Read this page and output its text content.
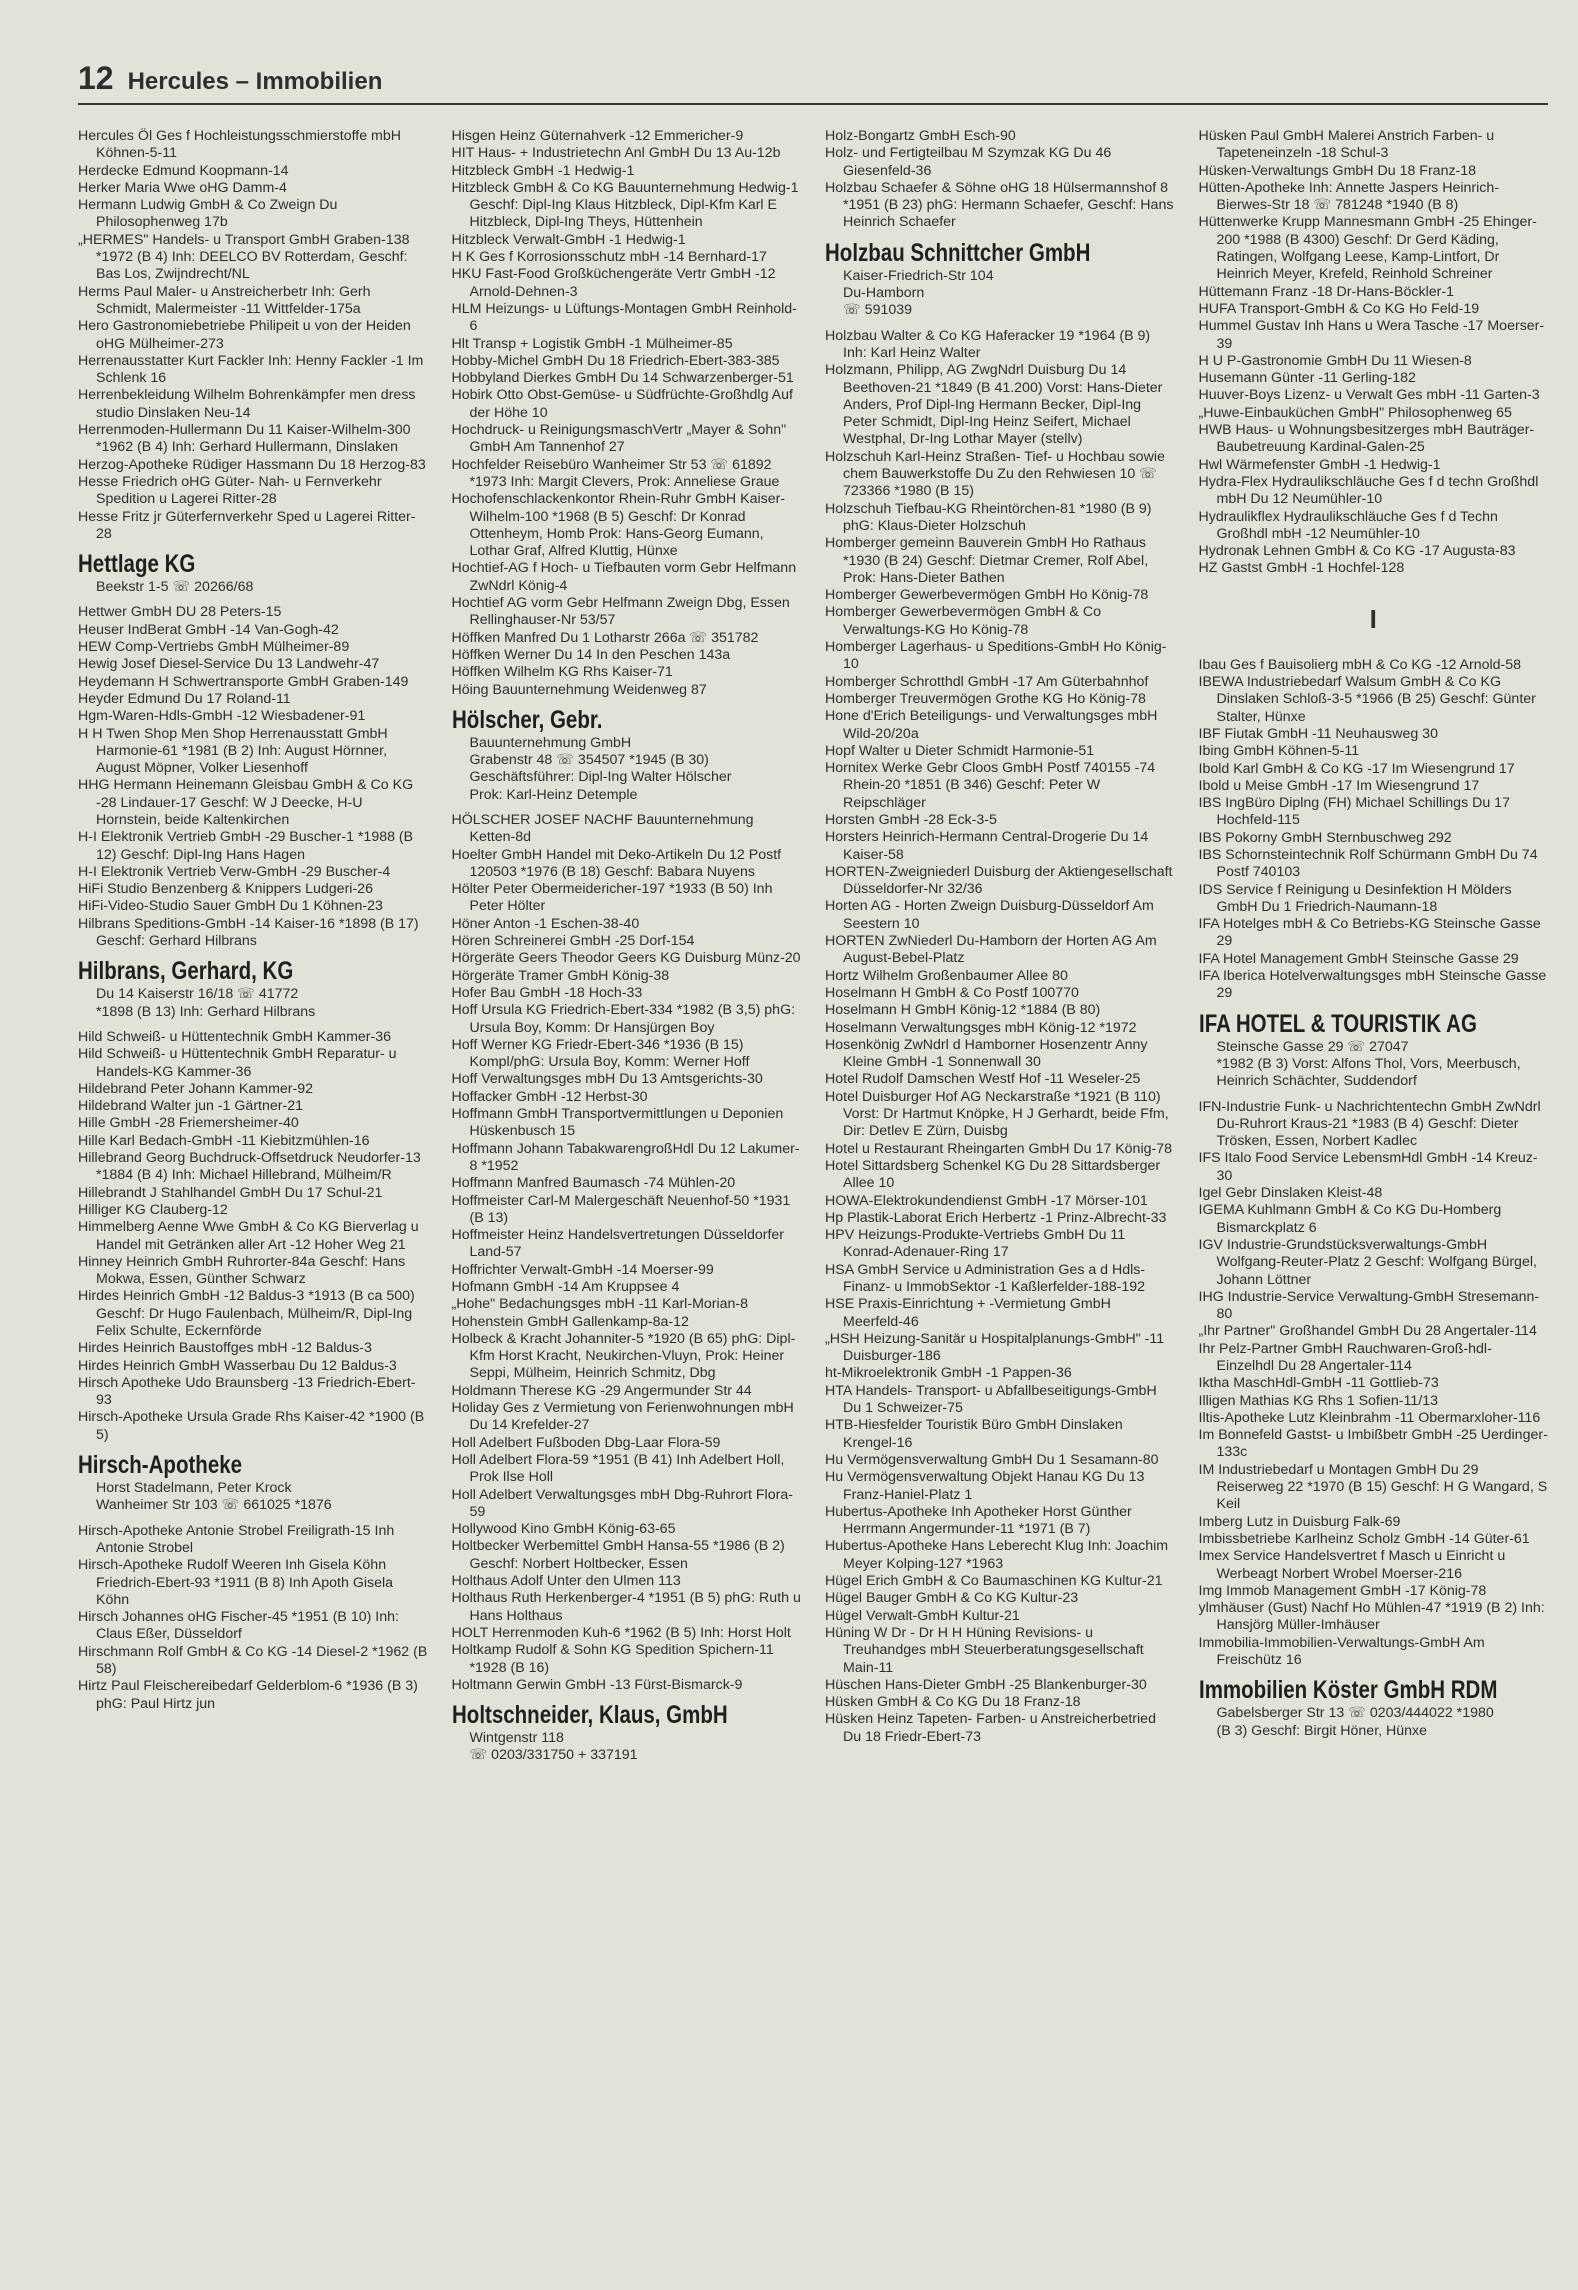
12 Hercules – Immobilien
Hercules Öl Ges f Hochleistungsschmierstoffe mbH Köhnen-5-11
Herdecke Edmund Koopmann-14
Herker Maria Wwe oHG Damm-4
Hermann Ludwig GmbH & Co Zweign Du Philosophenweg 17b
„HERMES" Handels- u Transport GmbH Graben-138 *1972 (B 4) Inh: DEELCO BV Rotterdam, Geschf: Bas Los, Zwijndrecht/NL
Herms Paul Maler- u Anstreicherbetr Inh: Gerh Schmidt, Malermeister -11 Wittfelder-175a
Hero Gastronomiebetriebe Philipeit u von der Heiden oHG Mülheimer-273
Herrenausstatter Kurt Fackler Inh: Henny Fackler -1 Im Schlenk 16
Herrenbekleidung Wilhelm Bohrenkämpfer men dress studio Dinslaken Neu-14
Herrenmoden-Hullermann Du 11 Kaiser-Wilhelm-300 *1962 (B 4) Inh: Gerhard Hullermann, Dinslaken
Herzog-Apotheke Rüdiger Hassmann Du 18 Herzog-83
Hesse Friedrich oHG Güter- Nah- u Fernverkehr Spedition u Lagerei Ritter-28
Hesse Fritz jr Güterfernverkehr Sped u Lagerei Ritter-28
Hettlage KG
Beekstr 1-5 ☏ 20266/68
Hettwer GmbH DU 28 Peters-15
Heuser IndBerat GmbH -14 Van-Gogh-42
HEW Comp-Vertriebs GmbH Mülheimer-89
Hewig Josef Diesel-Service Du 13 Landwehr-47
Heydemann H Schwertransporte GmbH Graben-149
Heyder Edmund Du 17 Roland-11
Hgm-Waren-Hdls-GmbH -12 Wiesbadener-91
H H Twen Shop Men Shop Herrenausstatt GmbH Harmonie-61 *1981 (B 2) Inh: August Hörnner, August Möpner, Volker Liesenhoff
HHG Hermann Heinemann Gleisbau GmbH & Co KG -28 Lindauer-17 Geschf: W J Deecke, H-U Hornstein, beide Kaltenkirchen
H-I Elektronik Vertrieb GmbH -29 Buscher-1 *1988 (B 12) Geschf: Dipl-Ing Hans Hagen
H-I Elektronik Vertrieb Verw-GmbH -29 Buscher-4
HiFi Studio Benzenberg & Knippers Ludgeri-26
HiFi-Video-Studio Sauer GmbH Du 1 Köhnen-23
Hilbrans Speditions-GmbH -14 Kaiser-16 *1898 (B 17) Geschf: Gerhard Hilbrans
Hilbrans, Gerhard, KG
Du 14 Kaiserstr 16/18 ☏ 41772
*1898 (B 13) Inh: Gerhard Hilbrans
Hild Schweiß- u Hüttentechnik GmbH Kammer-36
Hild Schweiß- u Hüttentechnik GmbH Reparatur- u Handels-KG Kammer-36
Hildebrand Peter Johann Kammer-92
Hildebrand Walter jun -1 Gärtner-21
Hille GmbH -28 Friemersheimer-40
Hille Karl Bedach-GmbH -11 Kiebitzmühlen-16
Hillebrand Georg Buchdruck-Offsetdruck Neudorfer-13 *1884 (B 4) Inh: Michael Hillebrand, Mülheim/R
Hillebrandt J Stahlhandel GmbH Du 17 Schul-21
Hilliger KG Clauberg-12
Himmelberg Aenne Wwe GmbH & Co KG Bierverlag u Handel mit Getränken aller Art -12 Hoher Weg 21
Hinney Heinrich GmbH Ruhrorter-84a Geschf: Hans Mokwa, Essen, Günther Schwarz
Hirdes Heinrich GmbH -12 Baldus-3 *1913 (B ca 500) Geschf: Dr Hugo Faulenbach, Mülheim/R, Dipl-Ing Felix Schulte, Eckernförde
Hirdes Heinrich Baustoffges mbH -12 Baldus-3
Hirdes Heinrich GmbH Wasserbau Du 12 Baldus-3
Hirsch Apotheke Udo Braunsberg -13 Friedrich-Ebert-93
Hirsch-Apotheke Ursula Grade Rhs Kaiser-42 *1900 (B 5)
Hirsch-Apotheke
Horst Stadelmann, Peter Krock
Wanheimer Str 103 ☏ 661025 *1876
Hirsch-Apotheke Antonie Strobel Freiligrath-15 Inh Antonie Strobel
Hirsch-Apotheke Rudolf Weeren Inh Gisela Köhn Friedrich-Ebert-93 *1911 (B 8) Inh Apoth Gisela Köhn
Hirsch Johannes oHG Fischer-45 *1951 (B 10) Inh: Claus Eßer, Düsseldorf
Hirschmann Rolf GmbH & Co KG -14 Diesel-2 *1962 (B 58)
Hirtz Paul Fleischereibedarf Gelderblom-6 *1936 (B 3) phG: Paul Hirtz jun
Hisgen Heinz Güternahverk -12 Emmericher-9
HIT Haus- + Industrietechn Anl GmbH Du 13 Au-12b
Hitzbleck GmbH -1 Hedwig-1
Hitzbleck GmbH & Co KG Bauunternehmung Hedwig-1 Geschf: Dipl-Ing Klaus Hitzbleck, Dipl-Kfm Karl E Hitzbleck, Dipl-Ing Theys, Hüttenhein
Hitzbleck Verwalt-GmbH -1 Hedwig-1
H K Ges f Korrosionsschutz mbH -14 Bernhard-17
HKU Fast-Food Großküchengeräte Vertr GmbH -12 Arnold-Dehnen-3
HLM Heizungs- u Lüftungs-Montagen GmbH Reinhold-6
Hlt Transp + Logistik GmbH -1 Mülheimer-85
Hobby-Michel GmbH Du 18 Friedrich-Ebert-383-385
Hobbyland Dierkes GmbH Du 14 Schwarzenberger-51
Hobirk Otto Obst-Gemüse- u Südfrüchte-Großhdlg Auf der Höhe 10
Hochdruck- u ReinigungsmaschVertr „Mayer & Sohn" GmbH Am Tannenhof 27
Hochfelder Reisebüro Wanheimer Str 53 ☏ 61892 *1973 Inh: Margit Clevers, Prok: Anneliese Graue
Hochofenschlackenkontor Rhein-Ruhr GmbH Kaiser-Wilhelm-100 *1968 (B 5) Geschf: Dr Konrad Ottenheym, Homb Prok: Hans-Georg Eumann, Lothar Graf, Alfred Kluttig, Hünxe
Hochtief-AG f Hoch- u Tiefbauten vorm Gebr Helfmann ZwNdrl König-4
Hochtief AG vorm Gebr Helfmann Zweign Dbg, Essen Rellinghauser-Nr 53/57
Höffken Manfred Du 1 Lotharstr 266a ☏ 351782
Höffken Werner Du 14 In den Peschen 143a
Höffken Wilhelm KG Rhs Kaiser-71
Höing Bauunternehmung Weidenweg 87
Hölscher, Gebr.
Bauunternehmung GmbH
Grabenstr 48 ☏ 354507 *1945 (B 30)
Geschäftsführer: Dipl-Ing Walter Hölscher
Prok: Karl-Heinz Detemple
HÖLSCHER JOSEF NACHF Bauunternehmung Ketten-8d
Hoelter GmbH Handel mit Deko-Artikeln Du 12 Postf 120503 *1976 (B 18) Geschf: Babara Nuyens
Hölter Peter Obermeidericher-197 *1933 (B 50) Inh Peter Hölter
Höner Anton -1 Eschen-38-40
Hören Schreinerei GmbH -25 Dorf-154
Hörgeräte Geers Theodor Geers KG Duisburg Münz-20
Hörgeräte Tramer GmbH König-38
Hofer Bau GmbH -18 Hoch-33
Hoff Ursula KG Friedrich-Ebert-334 *1982 (B 3,5) phG: Ursula Boy, Komm: Dr Hansjürgen Boy
Hoff Werner KG Friedr-Ebert-346 *1936 (B 15) Kompl/phG: Ursula Boy, Komm: Werner Hoff
Hoff Verwaltungsges mbH Du 13 Amtsgerichts-30
Hoffacker GmbH -12 Herbst-30
Hoffmann GmbH Transportvermittlungen u Deponien Hüskenbusch 15
Hoffmann Johann TabakwarengroßHdl Du 12 Lakumer-8 *1952
Hoffmann Manfred Baumasch -74 Mühlen-20
Hoffmeister Carl-M Malergeschäft Neuenhof-50 *1931 (B 13)
Hoffmeister Heinz Handelsvertretungen Düsseldorfer Land-57
Hoffrichter Verwalt-GmbH -14 Moerser-99
Hofmann GmbH -14 Am Kruppsee 4
„Hohe" Bedachungsges mbH -11 Karl-Morian-8
Hohenstein GmbH Gallenkamp-8a-12
Holbeck & Kracht Johanniter-5 *1920 (B 65) phG: Dipl-Kfm Horst Kracht, Neukirchen-Vluyn, Prok: Heiner Seppi, Mülheim, Heinrich Schmitz, Dbg
Holdmann Therese KG -29 Angermunder Str 44
Holiday Ges z Vermietung von Ferienwohnungen mbH Du 14 Krefelder-27
Holl Adelbert Fußboden Dbg-Laar Flora-59
Holl Adelbert Flora-59 *1951 (B 41) Inh Adelbert Holl, Prok Ilse Holl
Holl Adelbert Verwaltungsges mbH Dbg-Ruhrort Flora-59
Hollywood Kino GmbH König-63-65
Holtbecker Werbemittel GmbH Hansa-55 *1986 (B 2) Geschf: Norbert Holtbecker, Essen
Holthaus Adolf Unter den Ulmen 113
Holthaus Ruth Herkenberger-4 *1951 (B 5) phG: Ruth u Hans Holthaus
HOLT Herrenmoden Kuh-6 *1962 (B 5) Inh: Horst Holt
Holtkamp Rudolf & Sohn KG Spedition Spichern-11 *1928 (B 16)
Holtmann Gerwin GmbH -13 Fürst-Bismarck-9
Holtschneider, Klaus, GmbH
Wintgenstr 118
☏ 0203/331750 + 337191
Holz-Bongartz GmbH Esch-90
Holz- und Fertigteilbau M Szymzak KG Du 46 Giesenfeld-36
Holzbau Schaefer & Söhne oHG 18 Hülsermannshof 8 *1951 (B 23) phG: Hermann Schaefer, Geschf: Hans Heinrich Schaefer
Holzbau Schnittcher GmbH
Kaiser-Friedrich-Str 104
Du-Hamborn
☏ 591039
Holzbau Walter & Co KG Haferacker 19 *1964 (B 9) Inh: Karl Heinz Walter
Holzmann, Philipp, AG ZwgNdrl Duisburg Du 14 Beethoven-21 *1849 (B 41.200) Vorst: Hans-Dieter Anders, Prof Dipl-Ing Hermann Becker, Dipl-Ing Peter Schmidt, Dipl-Ing Heinz Seifert, Michael Westphal, Dr-Ing Lothar Mayer (stellv)
Holzschuh Karl-Heinz Straßen- Tief- u Hochbau sowie chem Bauwerkstoffe Du Zu den Rehwiesen 10 ☏ 723366 *1980 (B 15)
Holzschuh Tiefbau-KG Rheintörchen-81 *1980 (B 9) phG: Klaus-Dieter Holzschuh
Homberger gemeinn Bauverein GmbH Ho Rathaus *1930 (B 24) Geschf: Dietmar Cremer, Rolf Abel, Prok: Hans-Dieter Bathen
Homberger Gewerbevermögen GmbH Ho König-78
Homberger Gewerbevermögen GmbH & Co Verwaltungs-KG Ho König-78
Homberger Lagerhaus- u Speditions-GmbH Ho König-10
Homberger Schrotthdl GmbH -17 Am Güterbahnhof
Homberger Treuvermögen Grothe KG Ho König-78
Hone d'Erich Beteiligungs- und Verwaltungsges mbH Wild-20/20a
Hopf Walter u Dieter Schmidt Harmonie-51
Hornitex Werke Gebr Cloos GmbH Postf 740155 -74 Rhein-20 *1851 (B 346) Geschf: Peter W Reipschläger
Horsten GmbH -28 Eck-3-5
Horsters Heinrich-Hermann Central-Drogerie Du 14 Kaiser-58
HORTEN-Zweigniederl Duisburg der Aktiengesellschaft Düsseldorfer-Nr 32/36
Horten AG - Horten Zweign Duisburg-Düsseldorf Am Seestern 10
HORTEN ZwNiederl Du-Hamborn der Horten AG Am August-Bebel-Platz
Hortz Wilhelm Großenbaumer Allee 80
Hoselmann H GmbH & Co Postf 100770
Hoselmann H GmbH König-12 *1884 (B 80)
Hoselmann Verwaltungsges mbH König-12 *1972
Hosenkönig ZwNdrl d Hamborner Hosenzentr Anny Kleine GmbH -1 Sonnenwall 30
Hotel Rudolf Damschen Westf Hof -11 Weseler-25
Hotel Duisburger Hof AG Neckarstraße *1921 (B 110) Vorst: Dr Hartmut Knöpke, H J Gerhardt, beide Ffm, Dir: Detlev E Zürn, Duisbg
Hotel u Restaurant Rheingarten GmbH Du 17 König-78
Hotel Sittardsberg Schenkel KG Du 28 Sittardsberger Allee 10
HOWA-Elektrokundendienst GmbH -17 Mörser-101
Hp Plastik-Laborat Erich Herbertz -1 Prinz-Albrecht-33
HPV Heizungs-Produkte-Vertriebs GmbH Du 11 Konrad-Adenauer-Ring 17
HSA GmbH Service u Administration Ges a d Hdls- Finanz- u ImmobSektor -1 Kaßlerfelder-188-192
HSE Praxis-Einrichtung + -Vermietung GmbH Meerfeld-46
„HSH Heizung-Sanitär u Hospitalplanungs-GmbH" -11 Duisburger-186
ht-Mikroelektronik GmbH -1 Pappen-36
HTA Handels- Transport- u Abfallbeseitigungs-GmbH Du 1 Schweizer-75
HTB-Hiesfelder Touristik Büro GmbH Dinslaken Krengel-16
Hu Vermögensverwaltung GmbH Du 1 Sesamann-80
Hu Vermögensverwaltung Objekt Hanau KG Du 13 Franz-Haniel-Platz 1
Hubertus-Apotheke Inh Apotheker Horst Günther Herrmann Angermunder-11 *1971 (B 7)
Hubertus-Apotheke Hans Leberecht Klug Inh: Joachim Meyer Kolping-127 *1963
Hügel Erich GmbH & Co Baumaschinen KG Kultur-21
Hügel Bauger GmbH & Co KG Kultur-23
Hügel Verwalt-GmbH Kultur-21
Hüning W Dr - Dr H H Hüning Revisions- u Treuhandges mbH Steuerberatungsgesellschaft Main-11
Hüschen Hans-Dieter GmbH -25 Blankenburger-30
Hüsken GmbH & Co KG Du 18 Franz-18
Hüsken Heinz Tapeten- Farben- u Anstreicherbetried Du 18 Friedr-Ebert-73
Hüsken Paul GmbH Malerei Anstrich Farben- u Tapeteneinzeln -18 Schul-3
Hüsken-Verwaltungs GmbH Du 18 Franz-18
Hütten-Apotheke Inh: Annette Jaspers Heinrich-Bierwes-Str 18 ☏ 781248 *1940 (B 8)
Hüttenwerke Krupp Mannesmann GmbH -25 Ehinger-200 *1988 (B 4300) Geschf: Dr Gerd Käding, Ratingen, Wolfgang Leese, Kamp-Lintfort, Dr Heinrich Meyer, Krefeld, Reinhold Schreiner
Hüttemann Franz -18 Dr-Hans-Böckler-1
HUFA Transport-GmbH & Co KG Ho Feld-19
Hummel Gustav Inh Hans u Wera Tasche -17 Moerser-39
H U P-Gastronomie GmbH Du 11 Wiesen-8
Husemann Günter -11 Gerling-182
Huuver-Boys Lizenz- u Verwalt Ges mbH -11 Garten-3
„Huwe-Einbauküchen GmbH" Philosophenweg 65
HWB Haus- u Wohnungsbesitzerges mbH Bauträger-Baubetreuung Kardinal-Galen-25
Hwl Wärmefenster GmbH -1 Hedwig-1
Hydra-Flex Hydraulikschläuche Ges f d techn Großhdl mbH Du 12 Neumühler-10
Hydraulikflex Hydraulikschläuche Ges f d Techn Großhdl mbH -12 Neumühler-10
Hydronak Lehnen GmbH & Co KG -17 Augusta-83
HZ Gastst GmbH -1 Hochfel-128
I
Ibau Ges f Bauisolierg mbH & Co KG -12 Arnold-58
IBEWA Industriebedarf Walsum GmbH & Co KG Dinslaken Schloß-3-5 *1966 (B 25) Geschf: Günter Stalter, Hünxe
IBF Fiutak GmbH -11 Neuhausweg 30
Ibing GmbH Köhnen-5-11
Ibold Karl GmbH & Co KG -17 Im Wiesengrund 17
Ibold u Meise GmbH -17 Im Wiesengrund 17
IBS IngBüro Diplng (FH) Michael Schillings Du 17 Hochfeld-115
IBS Pokorny GmbH Sternbuschweg 292
IBS Schornsteintechnik Rolf Schürmann GmbH Du 74 Postf 740103
IDS Service f Reinigung u Desinfektion H Mölders GmbH Du 1 Friedrich-Naumann-18
IFA Hotelges mbH & Co Betriebs-KG Steinsche Gasse 29
IFA Hotel Management GmbH Steinsche Gasse 29
IFA Iberica Hotelverwaltungsges mbH Steinsche Gasse 29
IFA HOTEL & TOURISTIK AG
Steinsche Gasse 29 ☏ 27047
*1982 (B 3) Vorst: Alfons Thol, Vors, Meerbusch, Heinrich Schächter, Suddendorf
IFN-Industrie Funk- u Nachrichtentechn GmbH ZwNdrl Du-Ruhrort Kraus-21 *1983 (B 4) Geschf: Dieter Trösken, Essen, Norbert Kadlec
IFS Italo Food Service LebensmHdl GmbH -14 Kreuz-30
Igel Gebr Dinslaken Kleist-48
IGEMA Kuhlmann GmbH & Co KG Du-Homberg Bismarckplatz 6
IGV Industrie-Grundstücksverwaltungs-GmbH Wolfgang-Reuter-Platz 2 Geschf: Wolfgang Bürgel, Johann Löttner
IHG Industrie-Service Verwaltung-GmbH Stresemann-80
„Ihr Partner" Großhandel GmbH Du 28 Angertaler-114
Ihr Pelz-Partner GmbH Rauchwaren-Groß-hdl-Einzelhdl Du 28 Angertaler-114
Iktha MaschHdl-GmbH -11 Gottlieb-73
Illigen Mathias KG Rhs 1 Sofien-11/13
Iltis-Apotheke Lutz Kleinbrahm -11 Obermarxloher-116
Im Bonnefeld Gastst- u Imbißbetr GmbH -25 Uerdinger-133c
IM Industriebedarf u Montagen GmbH Du 29 Reiserweg 22 *1970 (B 15) Geschf: H G Wangard, S Keil
Imberg Lutz in Duisburg Falk-69
Imbissbetriebe Karlheinz Scholz GmbH -14 Güter-61
Imex Service Handelsvertret f Masch u Einricht u Werbeagt Norbert Wrobel Moerser-216
Img Immob Management GmbH -17 König-78
ylmhäuser (Gust) Nachf Ho Mühlen-47 *1919 (B 2) Inh: Hansjörg Müller-Imhäuser
Immobilia-Immobilien-Verwaltungs-GmbH Am Freischütz 16
Immobilien Köster GmbH RDM
Gabelsberger Str 13 ☏ 0203/444022 *1980
(B 3) Geschf: Birgit Höner, Hünxe
